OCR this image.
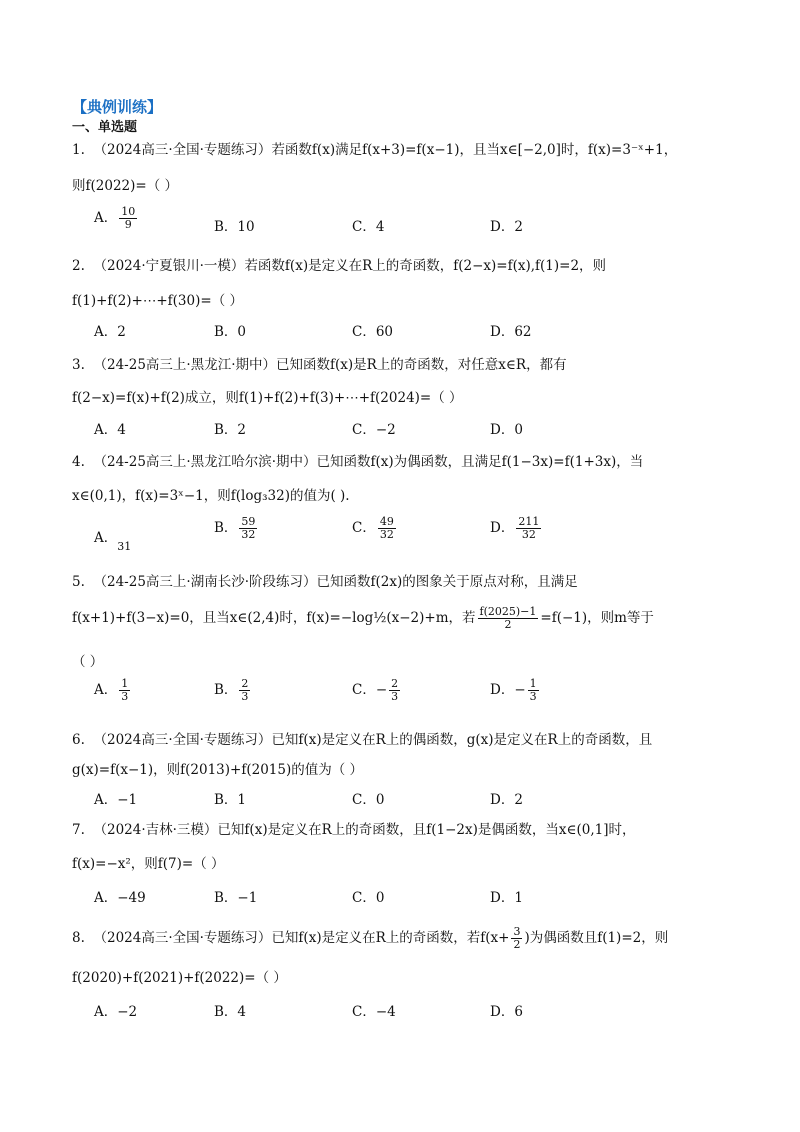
【典例训练】
一、单选题
1. （2024高三·全国·专题练习）若函数f(x)满足f(x+3)=f(x−1)，且当x∈[−2,0]时，f(x)=3⁻ˣ+1，
则f(2022)=（ ）
A． $\frac{10}{9}$	B．10	C．4	D．2
2. （2024·宁夏银川·一模）若函数f(x)是定义在R上的奇函数，f(2−x)=f(x),f(1)=2，则
f(1)+f(2)+⋯+f(30)=（ ）
A．2	B．0	C．60	D．62
3. （24-25高三上·黑龙江·期中）已知函数f(x)是R上的奇函数，对任意x∈R，都有
f(2−x)=f(x)+f(2)成立，则f(1)+f(2)+f(3)+⋯+f(2024)=（ ）
A．4	B．2	C．−2	D．0
4. （24-25高三上·黑龙江哈尔滨·期中）已知函数f(x)为偶函数，且满足f(1−3x)=f(1+3x)，当
x∈(0,1)，f(x)=3ˣ−1，则f(log₃32)的值为( ).
A．$_{31}$
B． $\frac{59}{32}$	C． $\frac{49}{32}$	D． $\frac{211}{32}$
5. （24-25高三上·湖南长沙·阶段练习）已知函数f(2x)的图象关于原点对称，且满足
f(x+1)+f(3−x)=0，且当x∈(2,4)时，f(x)=−log½(x−2)+m，若 $\frac{f(2025)-1}{2} =f(-1)$，则m等于
（ ）
A． $\frac{1}{3}$	B． $\frac{2}{3}$	C．− $\frac{2}{3}$	D．− $\frac{1}{3}$
6. （2024高三·全国·专题练习）已知f(x)是定义在R上的偶函数，g(x)是定义在R上的奇函数，且
g(x)=f(x−1)，则f(2013)+f(2015)的值为（ ）
A．−1	B．1	C．0	D．2
7. （2024·吉林·三模）已知f(x)是定义在R上的奇函数，且f(1−2x)是偶函数，当x∈(0,1]时，
f(x)=−x²，则f(7)=（ ）
A．−49	B．−1	C．0	D．1
8. （2024高三·全国·专题练习）已知f(x)是定义在R上的奇函数，若$f(x+ \frac{3}{2}$ )为偶函数且f(1)=2，则
f(2020)+f(2021)+f(2022)=（ ）
A．−2	B．4	C．−4	D．6
